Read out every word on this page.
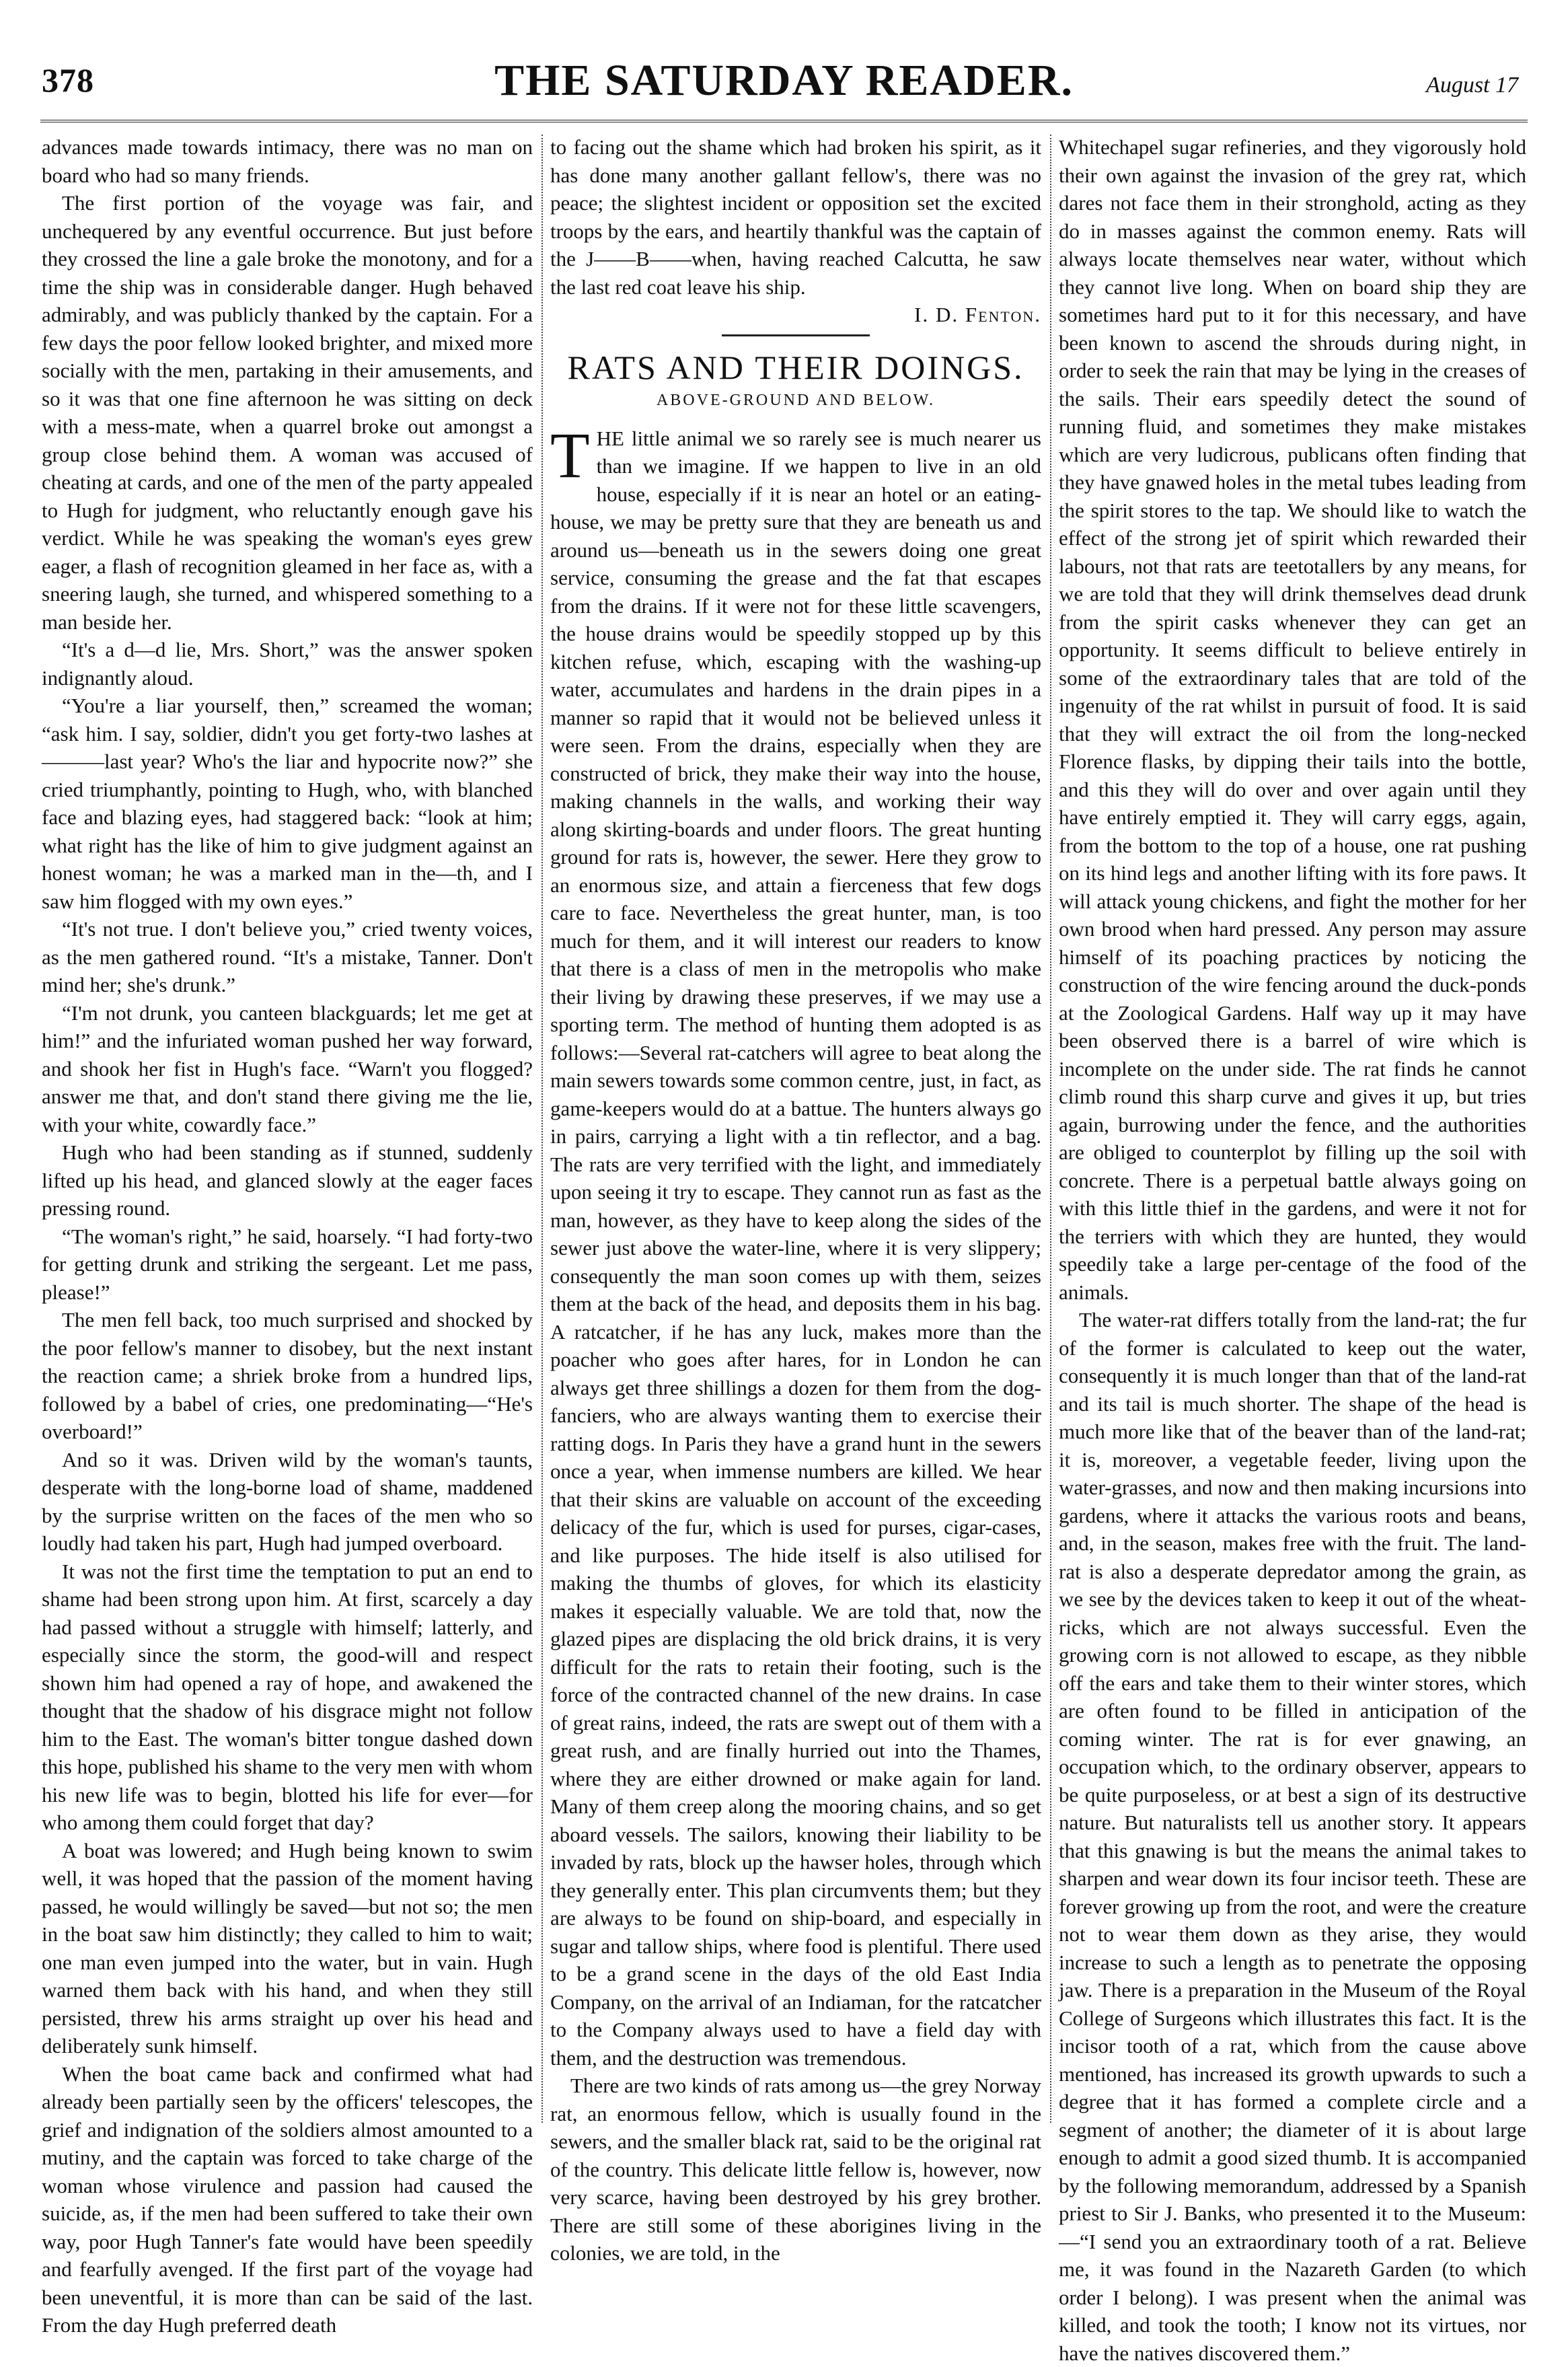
378	THE SATURDAY READER.	August 17

advances made towards intimacy, there was no man on board who had so many friends.

The first portion of the voyage was fair, and unchequered by any eventful occurrence. But just before they crossed the line a gale broke the monotony, and for a time the ship was in considerable danger. Hugh behaved admirably, and was publicly thanked by the captain. For a few days the poor fellow looked brighter, and mixed more socially with the men, partaking in their amusements, and so it was that one fine afternoon he was sitting on deck with a mess-mate, when a quarrel broke out amongst a group close behind them. A woman was accused of cheating at cards, and one of the men of the party appealed to Hugh for judgment, who reluctantly enough gave his verdict. While he was speaking the woman's eyes grew eager, a flash of recognition gleamed in her face as, with a sneering laugh, she turned, and whispered something to a man beside her.

“It's a d—d lie, Mrs. Short,” was the answer spoken indignantly aloud.

“You're a liar yourself, then,” screamed the woman; “ask him. I say, soldier, didn't you get forty-two lashes at ———last year? Who's the liar and hypocrite now?” she cried triumphantly, pointing to Hugh, who, with blanched face and blazing eyes, had staggered back: “look at him; what right has the like of him to give judgment against an honest woman; he was a marked man in the—th, and I saw him flogged with my own eyes.”

“It's not true. I don't believe you,” cried twenty voices, as the men gathered round. “It's a mistake, Tanner. Don't mind her; she's drunk.”

“I'm not drunk, you canteen blackguards; let me get at him!” and the infuriated woman pushed her way forward, and shook her fist in Hugh's face. “Warn't you flogged? answer me that, and don't stand there giving me the lie, with your white, cowardly face.”

Hugh who had been standing as if stunned, suddenly lifted up his head, and glanced slowly at the eager faces pressing round.

“The woman's right,” he said, hoarsely. “I had forty-two for getting drunk and striking the sergeant. Let me pass, please!”

The men fell back, too much surprised and shocked by the poor fellow's manner to disobey, but the next instant the reaction came; a shriek broke from a hundred lips, followed by a babel of cries, one predominating—“He's overboard!”

And so it was. Driven wild by the woman's taunts, desperate with the long-borne load of shame, maddened by the surprise written on the faces of the men who so loudly had taken his part, Hugh had jumped overboard.

It was not the first time the temptation to put an end to shame had been strong upon him. At first, scarcely a day had passed without a struggle with himself; latterly, and especially since the storm, the good-will and respect shown him had opened a ray of hope, and awakened the thought that the shadow of his disgrace might not follow him to the East. The woman's bitter tongue dashed down this hope, published his shame to the very men with whom his new life was to begin, blotted his life for ever—for who among them could forget that day?

A boat was lowered; and Hugh being known to swim well, it was hoped that the passion of the moment having passed, he would willingly be saved—but not so; the men in the boat saw him distinctly; they called to him to wait; one man even jumped into the water, but in vain. Hugh warned them back with his hand, and when they still persisted, threw his arms straight up over his head and deliberately sunk himself.

When the boat came back and confirmed what had already been partially seen by the officers' telescopes, the grief and indignation of the soldiers almost amounted to a mutiny, and the captain was forced to take charge of the woman whose virulence and passion had caused the suicide, as, if the men had been suffered to take their own way, poor Hugh Tanner's fate would have been speedily and fearfully avenged. If the first part of the voyage had been uneventful, it is more than can be said of the last. From the day Hugh preferred death

to facing out the shame which had broken his spirit, as it has done many another gallant fellow's, there was no peace; the slightest incident or opposition set the excited troops by the ears, and heartily thankful was the captain of the J——B——when, having reached Calcutta, he saw the last red coat leave his ship.

I. D. Fenton.

RATS AND THEIR DOINGS.
ABOVE-GROUND AND BELOW.

THE little animal we so rarely see is much nearer us than we imagine. If we happen to live in an old house, especially if it is near an hotel or an eating-house, we may be pretty sure that they are beneath us and around us—beneath us in the sewers doing one great service, consuming the grease and the fat that escapes from the drains. If it were not for these little scavengers, the house drains would be speedily stopped up by this kitchen refuse, which, escaping with the washing-up water, accumulates and hardens in the drain pipes in a manner so rapid that it would not be believed unless it were seen. From the drains, especially when they are constructed of brick, they make their way into the house, making channels in the walls, and working their way along skirting-boards and under floors. The great hunting ground for rats is, however, the sewer. Here they grow to an enormous size, and attain a fierceness that few dogs care to face. Nevertheless the great hunter, man, is too much for them, and it will interest our readers to know that there is a class of men in the metropolis who make their living by drawing these preserves, if we may use a sporting term. The method of hunting them adopted is as follows:—Several rat-catchers will agree to beat along the main sewers towards some common centre, just, in fact, as game-keepers would do at a battue. The hunters always go in pairs, carrying a light with a tin reflector, and a bag. The rats are very terrified with the light, and immediately upon seeing it try to escape. They cannot run as fast as the man, however, as they have to keep along the sides of the sewer just above the water-line, where it is very slippery; consequently the man soon comes up with them, seizes them at the back of the head, and deposits them in his bag. A ratcatcher, if he has any luck, makes more than the poacher who goes after hares, for in London he can always get three shillings a dozen for them from the dog-fanciers, who are always wanting them to exercise their ratting dogs. In Paris they have a grand hunt in the sewers once a year, when immense numbers are killed. We hear that their skins are valuable on account of the exceeding delicacy of the fur, which is used for purses, cigar-cases, and like purposes. The hide itself is also utilised for making the thumbs of gloves, for which its elasticity makes it especially valuable. We are told that, now the glazed pipes are displacing the old brick drains, it is very difficult for the rats to retain their footing, such is the force of the contracted channel of the new drains. In case of great rains, indeed, the rats are swept out of them with a great rush, and are finally hurried out into the Thames, where they are either drowned or make again for land. Many of them creep along the mooring chains, and so get aboard vessels. The sailors, knowing their liability to be invaded by rats, block up the hawser holes, through which they generally enter. This plan circumvents them; but they are always to be found on ship-board, and especially in sugar and tallow ships, where food is plentiful. There used to be a grand scene in the days of the old East India Company, on the arrival of an Indiaman, for the ratcatcher to the Company always used to have a field day with them, and the destruction was tremendous.

There are two kinds of rats among us—the grey Norway rat, an enormous fellow, which is usually found in the sewers, and the smaller black rat, said to be the original rat of the country. This delicate little fellow is, however, now very scarce, having been destroyed by his grey brother. There are still some of these aborigines living in the colonies, we are told, in the

Whitechapel sugar refineries, and they vigorously hold their own against the invasion of the grey rat, which dares not face them in their stronghold, acting as they do in masses against the common enemy. Rats will always locate themselves near water, without which they cannot live long. When on board ship they are sometimes hard put to it for this necessary, and have been known to ascend the shrouds during night, in order to seek the rain that may be lying in the creases of the sails. Their ears speedily detect the sound of running fluid, and sometimes they make mistakes which are very ludicrous, publicans often finding that they have gnawed holes in the metal tubes leading from the spirit stores to the tap. We should like to watch the effect of the strong jet of spirit which rewarded their labours, not that rats are teetotallers by any means, for we are told that they will drink themselves dead drunk from the spirit casks whenever they can get an opportunity. It seems difficult to believe entirely in some of the extraordinary tales that are told of the ingenuity of the rat whilst in pursuit of food. It is said that they will extract the oil from the long-necked Florence flasks, by dipping their tails into the bottle, and this they will do over and over again until they have entirely emptied it. They will carry eggs, again, from the bottom to the top of a house, one rat pushing on its hind legs and another lifting with its fore paws. It will attack young chickens, and fight the mother for her own brood when hard pressed. Any person may assure himself of its poaching practices by noticing the construction of the wire fencing around the duck-ponds at the Zoological Gardens. Half way up it may have been observed there is a barrel of wire which is incomplete on the under side. The rat finds he cannot climb round this sharp curve and gives it up, but tries again, burrowing under the fence, and the authorities are obliged to counterplot by filling up the soil with concrete. There is a perpetual battle always going on with this little thief in the gardens, and were it not for the terriers with which they are hunted, they would speedily take a large per-centage of the food of the animals.

The water-rat differs totally from the land-rat; the fur of the former is calculated to keep out the water, consequently it is much longer than that of the land-rat and its tail is much shorter. The shape of the head is much more like that of the beaver than of the land-rat; it is, moreover, a vegetable feeder, living upon the water-grasses, and now and then making incursions into gardens, where it attacks the various roots and beans, and, in the season, makes free with the fruit. The land-rat is also a desperate depredator among the grain, as we see by the devices taken to keep it out of the wheat-ricks, which are not always successful. Even the growing corn is not allowed to escape, as they nibble off the ears and take them to their winter stores, which are often found to be filled in anticipation of the coming winter. The rat is for ever gnawing, an occupation which, to the ordinary observer, appears to be quite purposeless, or at best a sign of its destructive nature. But naturalists tell us another story. It appears that this gnawing is but the means the animal takes to sharpen and wear down its four incisor teeth. These are forever growing up from the root, and were the creature not to wear them down as they arise, they would increase to such a length as to penetrate the opposing jaw. There is a preparation in the Museum of the Royal College of Surgeons which illustrates this fact. It is the incisor tooth of a rat, which from the cause above mentioned, has increased its growth upwards to such a degree that it has formed a complete circle and a segment of another; the diameter of it is about large enough to admit a good sized thumb. It is accompanied by the following memorandum, addressed by a Spanish priest to Sir J. Banks, who presented it to the Museum:—“I send you an extraordinary tooth of a rat. Believe me, it was found in the Nazareth Garden (to which order I belong). I was present when the animal was killed, and took the tooth; I know not its virtues, nor have the natives discovered them.”
